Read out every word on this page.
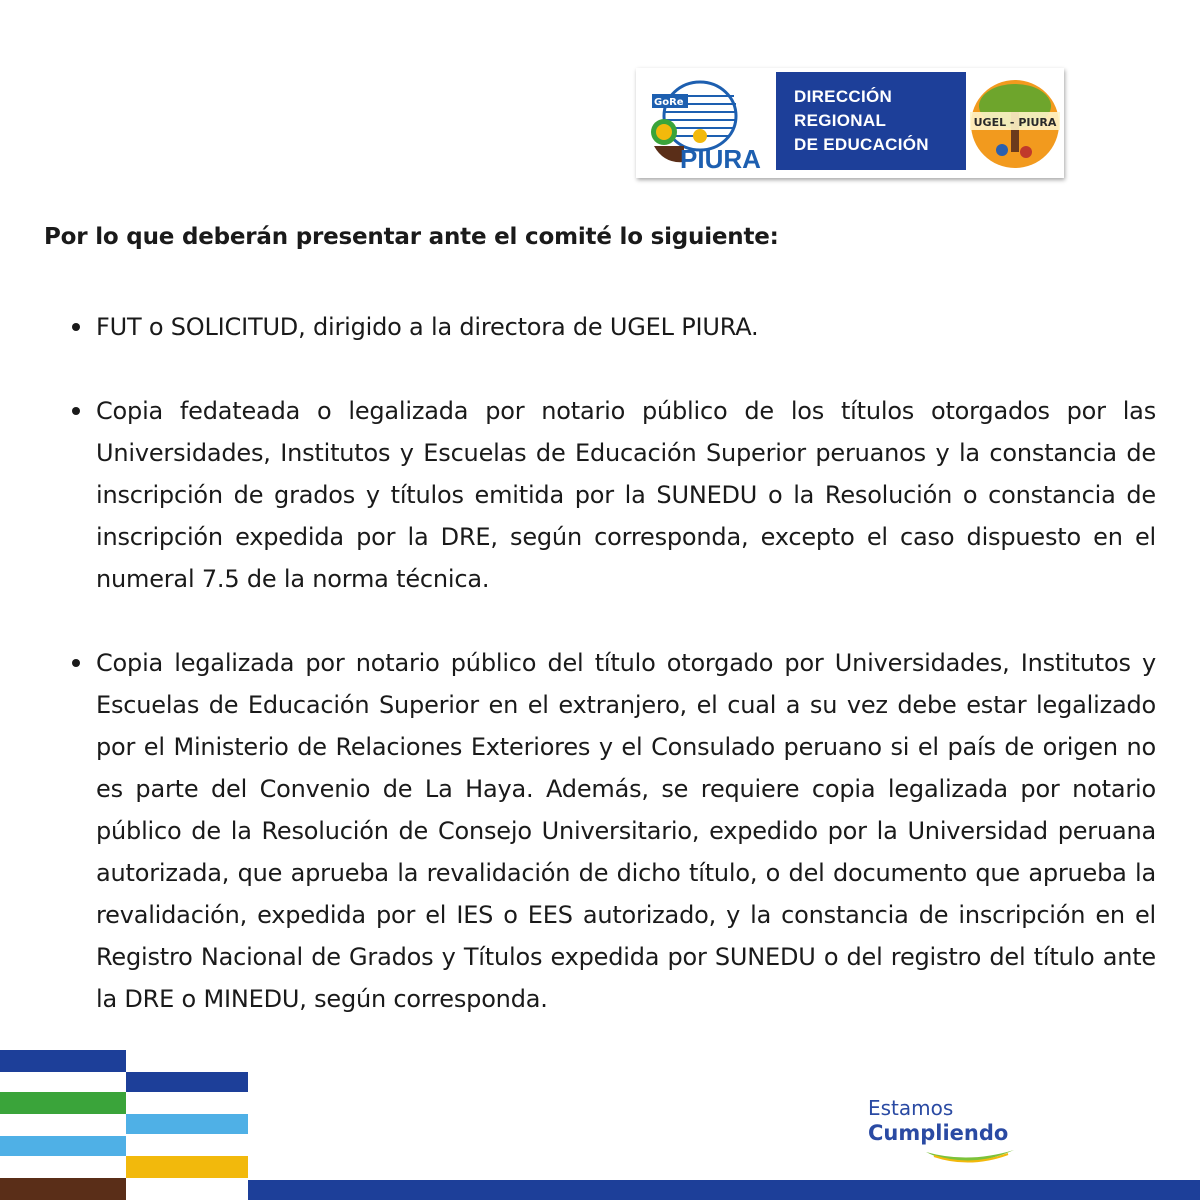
GoRe
PIURA
DIRECCIÓN
REGIONAL
DE EDUCACIÓN
UGEL - PIURA
Por lo que deberán presentar ante el comité lo siguiente:
FUT o SOLICITUD, dirigido a la directora de UGEL PIURA.
Copia fedateada o legalizada por notario público de los títulos otorgados por las Universidades, Institutos y Escuelas de Educación Superior peruanos y la constancia de inscripción de grados y títulos emitida por la SUNEDU o la Resolución o constancia de inscripción expedida por la DRE, según corresponda, excepto el caso dispuesto en el numeral 7.5 de la norma técnica.
Copia legalizada por notario público del título otorgado por Universidades, Institutos y Escuelas de Educación Superior en el extranjero, el cual a su vez debe estar legalizado por el Ministerio de Relaciones Exteriores y el Consulado peruano si el país de origen no es parte del Convenio de La Haya. Además, se requiere copia legalizada por notario público de la Resolución de Consejo Universitario, expedido por la Universidad peruana autorizada, que aprueba la revalidación de dicho título, o del documento que aprueba la revalidación, expedida por el IES o EES autorizado, y la constancia de inscripción en el Registro Nacional de Grados y Títulos expedida por SUNEDU o del registro del título ante la DRE o MINEDU, según corresponda.
Estamos
Cumpliendo
